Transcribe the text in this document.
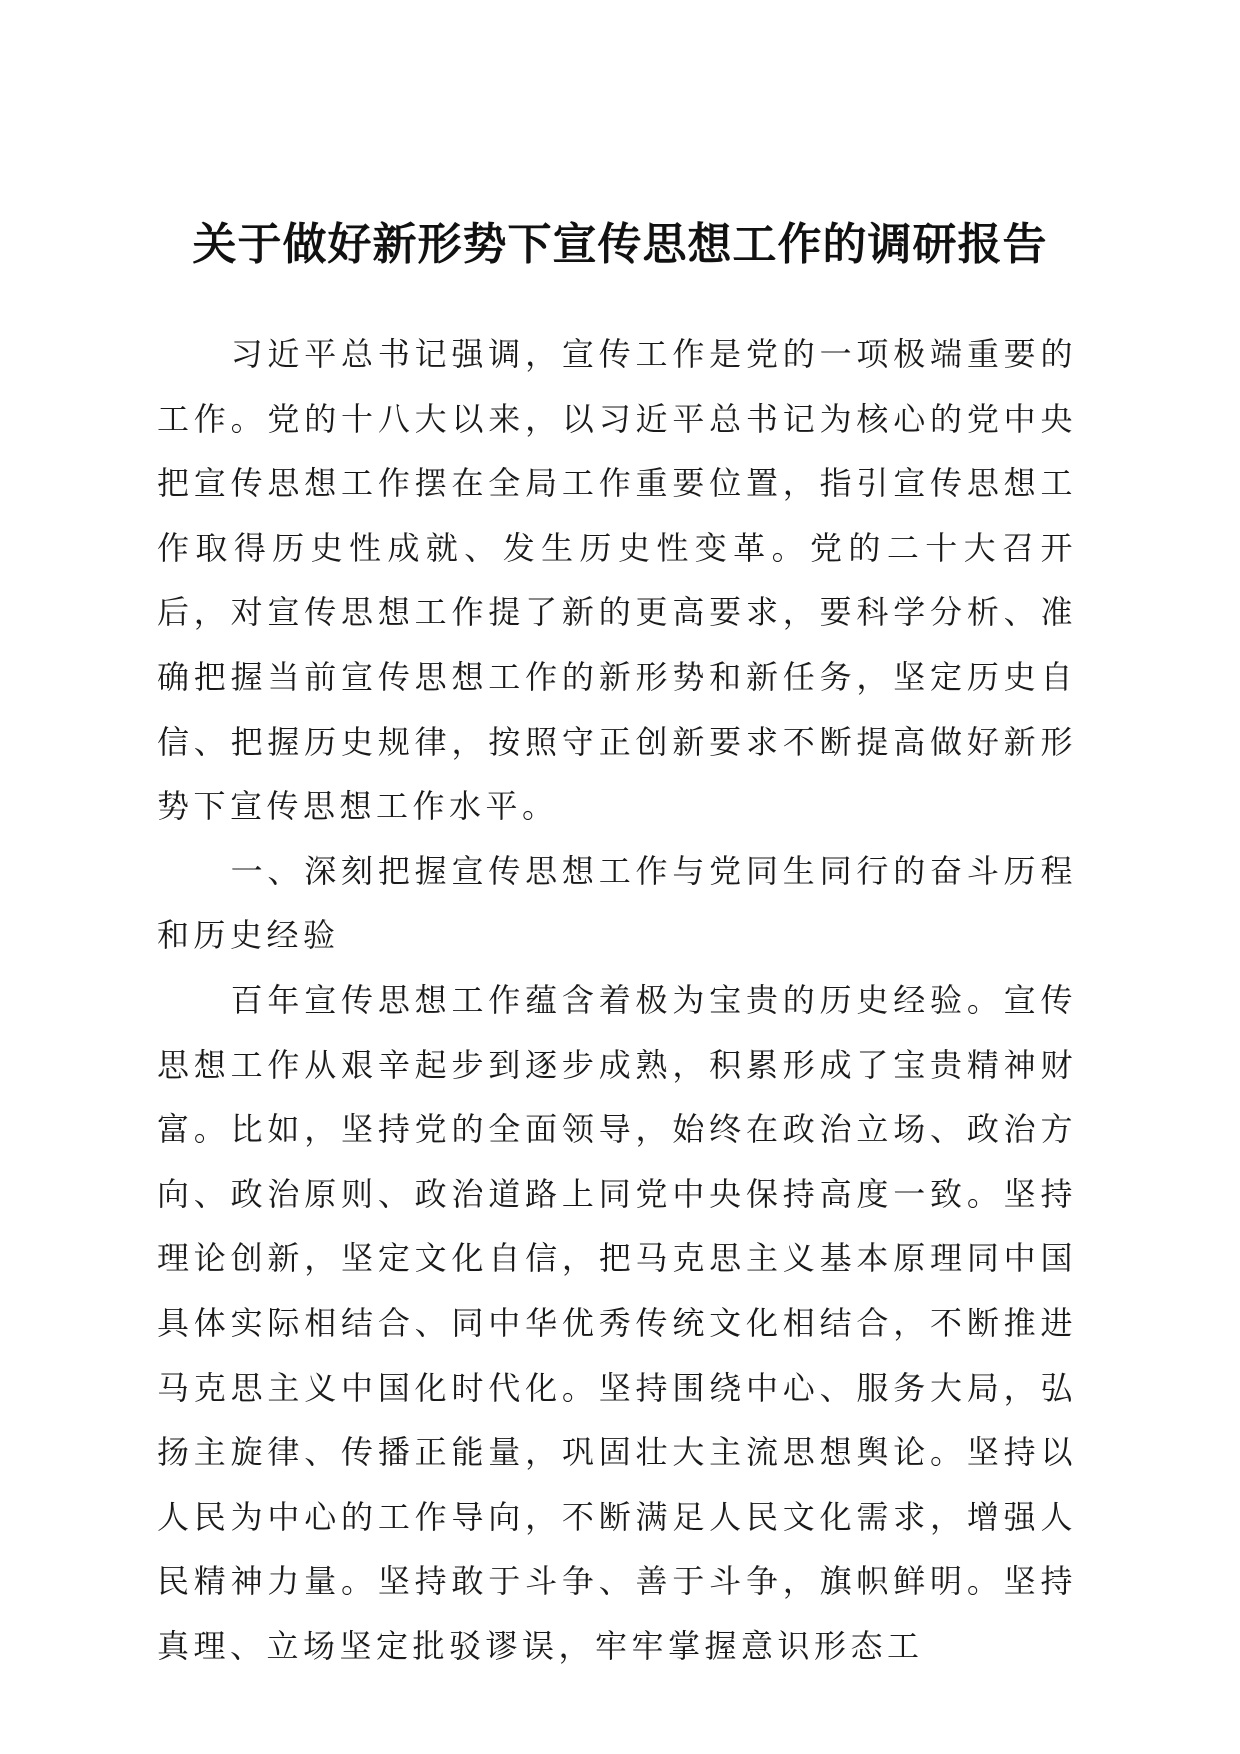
关于做好新形势下宣传思想工作的调研报告

习近平总书记强调，宣传工作是党的一项极端重要的工作。党的十八大以来，以习近平总书记为核心的党中央把宣传思想工作摆在全局工作重要位置，指引宣传思想工作取得历史性成就、发生历史性变革。党的二十大召开后，对宣传思想工作提了新的更高要求，要科学分析、准确把握当前宣传思想工作的新形势和新任务，坚定历史自信、把握历史规律，按照守正创新要求不断提高做好新形势下宣传思想工作水平。

一、深刻把握宣传思想工作与党同生同行的奋斗历程和历史经验

百年宣传思想工作蕴含着极为宝贵的历史经验。宣传思想工作从艰辛起步到逐步成熟，积累形成了宝贵精神财富。比如，坚持党的全面领导，始终在政治立场、政治方向、政治原则、政治道路上同党中央保持高度一致。坚持理论创新，坚定文化自信，把马克思主义基本原理同中国具体实际相结合、同中华优秀传统文化相结合，不断推进马克思主义中国化时代化。坚持围绕中心、服务大局，弘扬主旋律、传播正能量，巩固壮大主流思想舆论。坚持以人民为中心的工作导向，不断满足人民文化需求，增强人民精神力量。坚持敢于斗争、善于斗争，旗帜鲜明。坚持真理、立场坚定批驳谬误，牢牢掌握意识形态工
